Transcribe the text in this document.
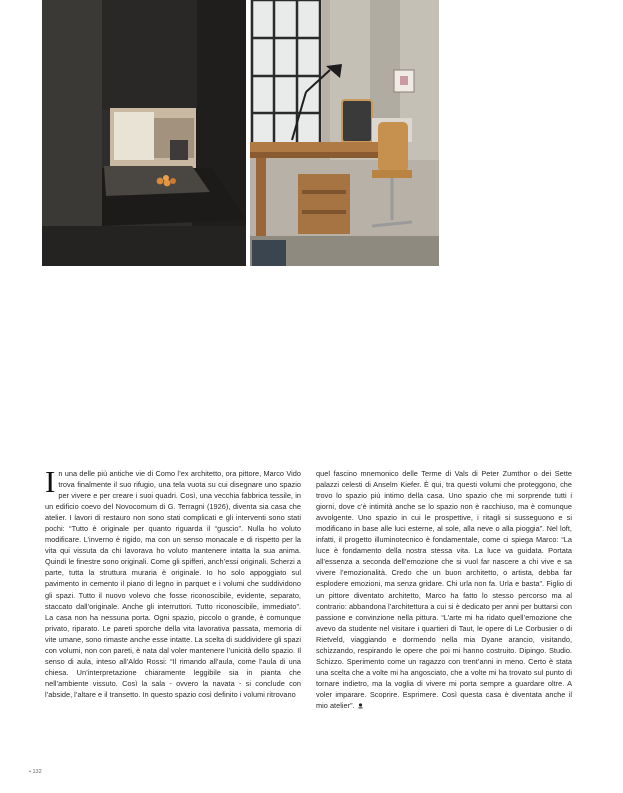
In una delle più antiche vie di Como l’ex architetto, ora pittore, Marco Vido trova finalmente il suo rifugio, una tela vuota su cui disegnare uno spazio per vivere e per creare i suoi quadri. Così, una vecchia fabbrica tessile, in un edificio coevo del Novocomum di G. Terragni (1926), diventa sia casa che atelier. I lavori di restauro non sono stati complicati e gli interventi sono stati pochi: “Tutto è originale per quanto riguarda il “guscio”. Nulla ho voluto modificare. L’inverno è rigido, ma con un senso monacale e di rispetto per la vita qui vissuta da chi lavorava ho voluto mantenere intatta la sua anima. Quindi le finestre sono originali. Come gli spifferi, anch’essi originali. Scherzi a parte, tutta la struttura muraria è originale. Io ho solo appoggiato sul pavimento in cemento il piano di legno in parquet e i volumi che suddividono gli spazi. Tutto il nuovo volevo che fosse riconoscibile, evidente, separato, staccato dall’originale. Anche gli interruttori. Tutto riconoscibile, immediato”. La casa non ha nessuna porta. Ogni spazio, piccolo o grande, è comunque privato, riparato. Le pareti sporche della vita lavorativa passata, memoria di vite umane, sono rimaste anche esse intatte. La scelta di suddividere gli spazi con volumi, non con pareti, è nata dal voler mantenere l’unicità dello spazio. Il senso di aula, inteso all’Aldo Rossi: “Il rimando all’aula, come l’aula di una chiesa. Un’interpretazione chiaramente leggibile sia in pianta che nell’ambiente vissuto. Così la sala - ovvero la navata - si conclude con l’abside, l’altare e il transetto. In questo spazio così definito i volumi ritrovano

quel fascino mnemonico delle Terme di Vals di Peter Zumthor o dei Sette palazzi celesti di Anselm Kiefer. È qui, tra questi volumi che proteggono, che trovo lo spazio più intimo della casa. Uno spazio che mi sorprende tutti i giorni, dove c’è intimità anche se lo spazio non è racchiuso, ma è comunque avvolgente. Uno spazio in cui le prospettive, i ritagli si susseguono e si modificano in base alle luci esterne, al sole, alla neve o alla pioggia”. Nel loft, infatti, il progetto illuminotecnico è fondamentale, come ci spiega Marco: “La luce è fondamento della nostra stessa vita. La luce va guidata. Portata all’essenza a seconda dell’emozione che si vuol far nascere a chi vive e sa vivere l’emozionalità. Credo che un buon architetto, o artista, debba far esplodere emozioni, ma senza gridare. Chi urla non fa. Urla e basta”. Figlio di un pittore diventato architetto, Marco ha fatto lo stesso percorso ma al contrario: abbandona l’architettura a cui si è dedicato per anni per buttarsi con passione e convinzione nella pittura. “L’arte mi ha ridato quell’emozione che avevo da studente nel visitare i quartieri di Taut, le opere di Le Corbusier o di Rietveld, viaggiando e dormendo nella mia Dyane arancio, visitando, schizzando, respirando le opere che poi mi hanno costruito. Dipingo. Studio. Schizzo. Sperimento come un ragazzo con trent’anni in meno. Certo è stata una scelta che a volte mi ha angosciato, che a volte mi ha trovato sul punto di tornare indietro, ma la voglia di vivere mi porta sempre a guardare oltre. A voler imparare. Scoprire. Esprimere. Così questa casa è diventata anche il mio atelier”.

• 132
